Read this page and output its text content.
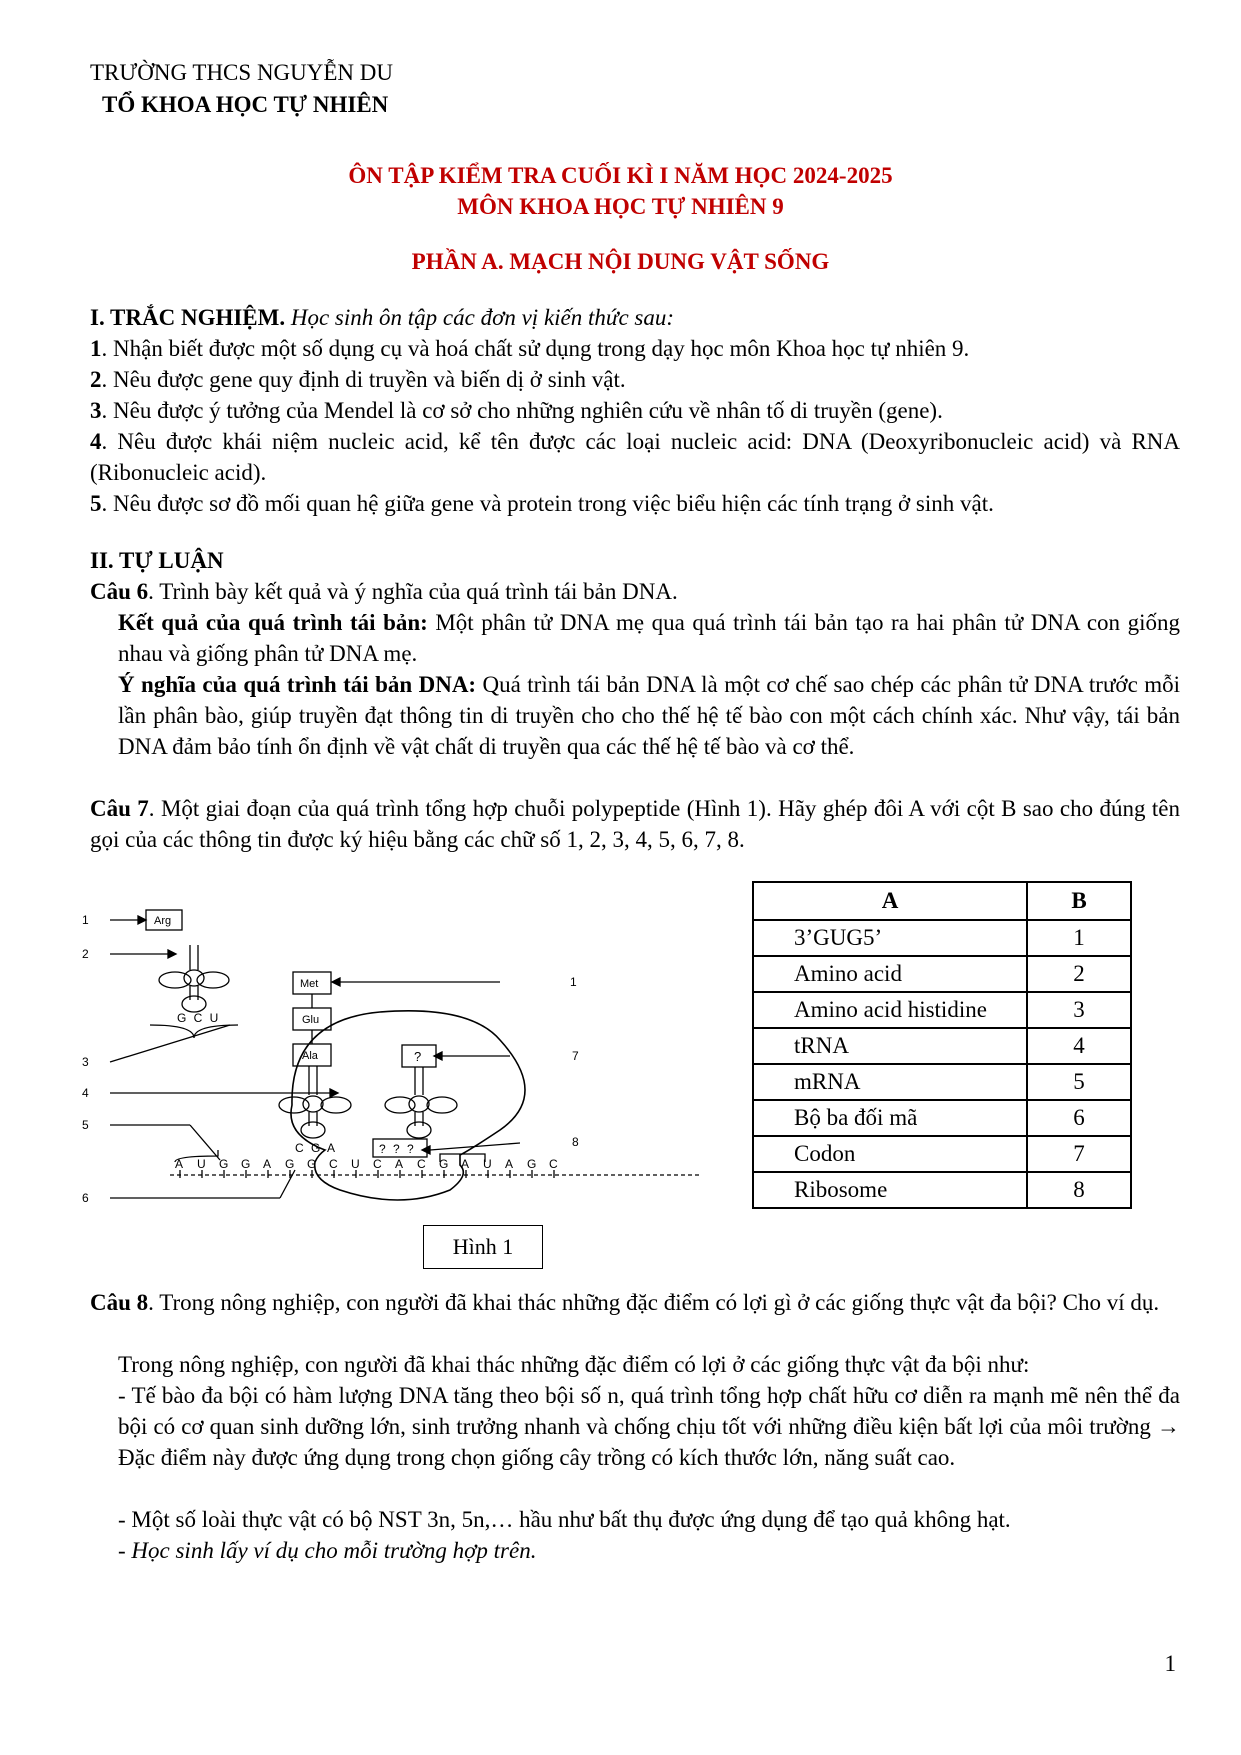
TRƯỜNG THCS NGUYỄN DU
TỔ KHOA HỌC TỰ NHIÊN
ÔN TẬP KIỂM TRA CUỐI KÌ I NĂM HỌC 2024-2025
MÔN KHOA HỌC TỰ NHIÊN 9
PHẦN A. MẠCH NỘI DUNG VẬT SỐNG
I. TRẮC NGHIỆM. Học sinh ôn tập các đơn vị kiến thức sau:
1. Nhận biết được một số dụng cụ và hoá chất sử dụng trong dạy học môn Khoa học tự nhiên 9.
2. Nêu được gene quy định di truyền và biến dị ở sinh vật.
3. Nêu được ý tưởng của Mendel là cơ sở cho những nghiên cứu về nhân tố di truyền (gene).
4. Nêu được khái niệm nucleic acid, kể tên được các loại nucleic acid: DNA (Deoxyribonucleic acid) và RNA (Ribonucleic acid).
5. Nêu được sơ đồ mối quan hệ giữa gene và protein trong việc biểu hiện các tính trạng ở sinh vật.
II. TỰ LUẬN
Câu 6. Trình bày kết quả và ý nghĩa của quá trình tái bản DNA.
Kết quả của quá trình tái bản: Một phân tử DNA mẹ qua quá trình tái bản tạo ra hai phân tử DNA con giống nhau và giống phân tử DNA mẹ.
Ý nghĩa của quá trình tái bản DNA: Quá trình tái bản DNA là một cơ chế sao chép các phân tử DNA trước mỗi lần phân bào, giúp truyền đạt thông tin di truyền cho cho thế hệ tế bào con một cách chính xác. Như vậy, tái bản DNA đảm bảo tính ổn định về vật chất di truyền qua các thế hệ tế bào và cơ thể.
Câu 7. Một giai đoạn của quá trình tổng hợp chuỗi polypeptide (Hình 1). Hãy ghép đôi A với cột B sao cho đúng tên gọi của các thông tin được ký hiệu bằng các chữ số 1, 2, 3, 4, 5, 6, 7, 8.
1
2
3
4
5
6
1
7
8
Arg
Met
Glu
Ala	?
G C U
C G A	? ? ?
A U G G A G G C U C A C G A U A G C
Hình 1
A	B
3’GUG5’	1
Amino acid	2
Amino acid histidine	3
tRNA	4
mRNA	5
Bộ ba đối mã	6
Codon	7
Ribosome	8
Câu 8. Trong nông nghiệp, con người đã khai thác những đặc điểm có lợi gì ở các giống thực vật đa bội? Cho ví dụ.
Trong nông nghiệp, con người đã khai thác những đặc điểm có lợi ở các giống thực vật đa bội như:
- Tế bào đa bội có hàm lượng DNA tăng theo bội số n, quá trình tổng hợp chất hữu cơ diễn ra mạnh mẽ nên thể đa bội có cơ quan sinh dưỡng lớn, sinh trưởng nhanh và chống chịu tốt với những điều kiện bất lợi của môi trường → Đặc điểm này được ứng dụng trong chọn giống cây trồng có kích thước lớn, năng suất cao.
- Một số loài thực vật có bộ NST 3n, 5n,… hầu như bất thụ được ứng dụng để tạo quả không hạt.
- Học sinh lấy ví dụ cho mỗi trường hợp trên.
1
